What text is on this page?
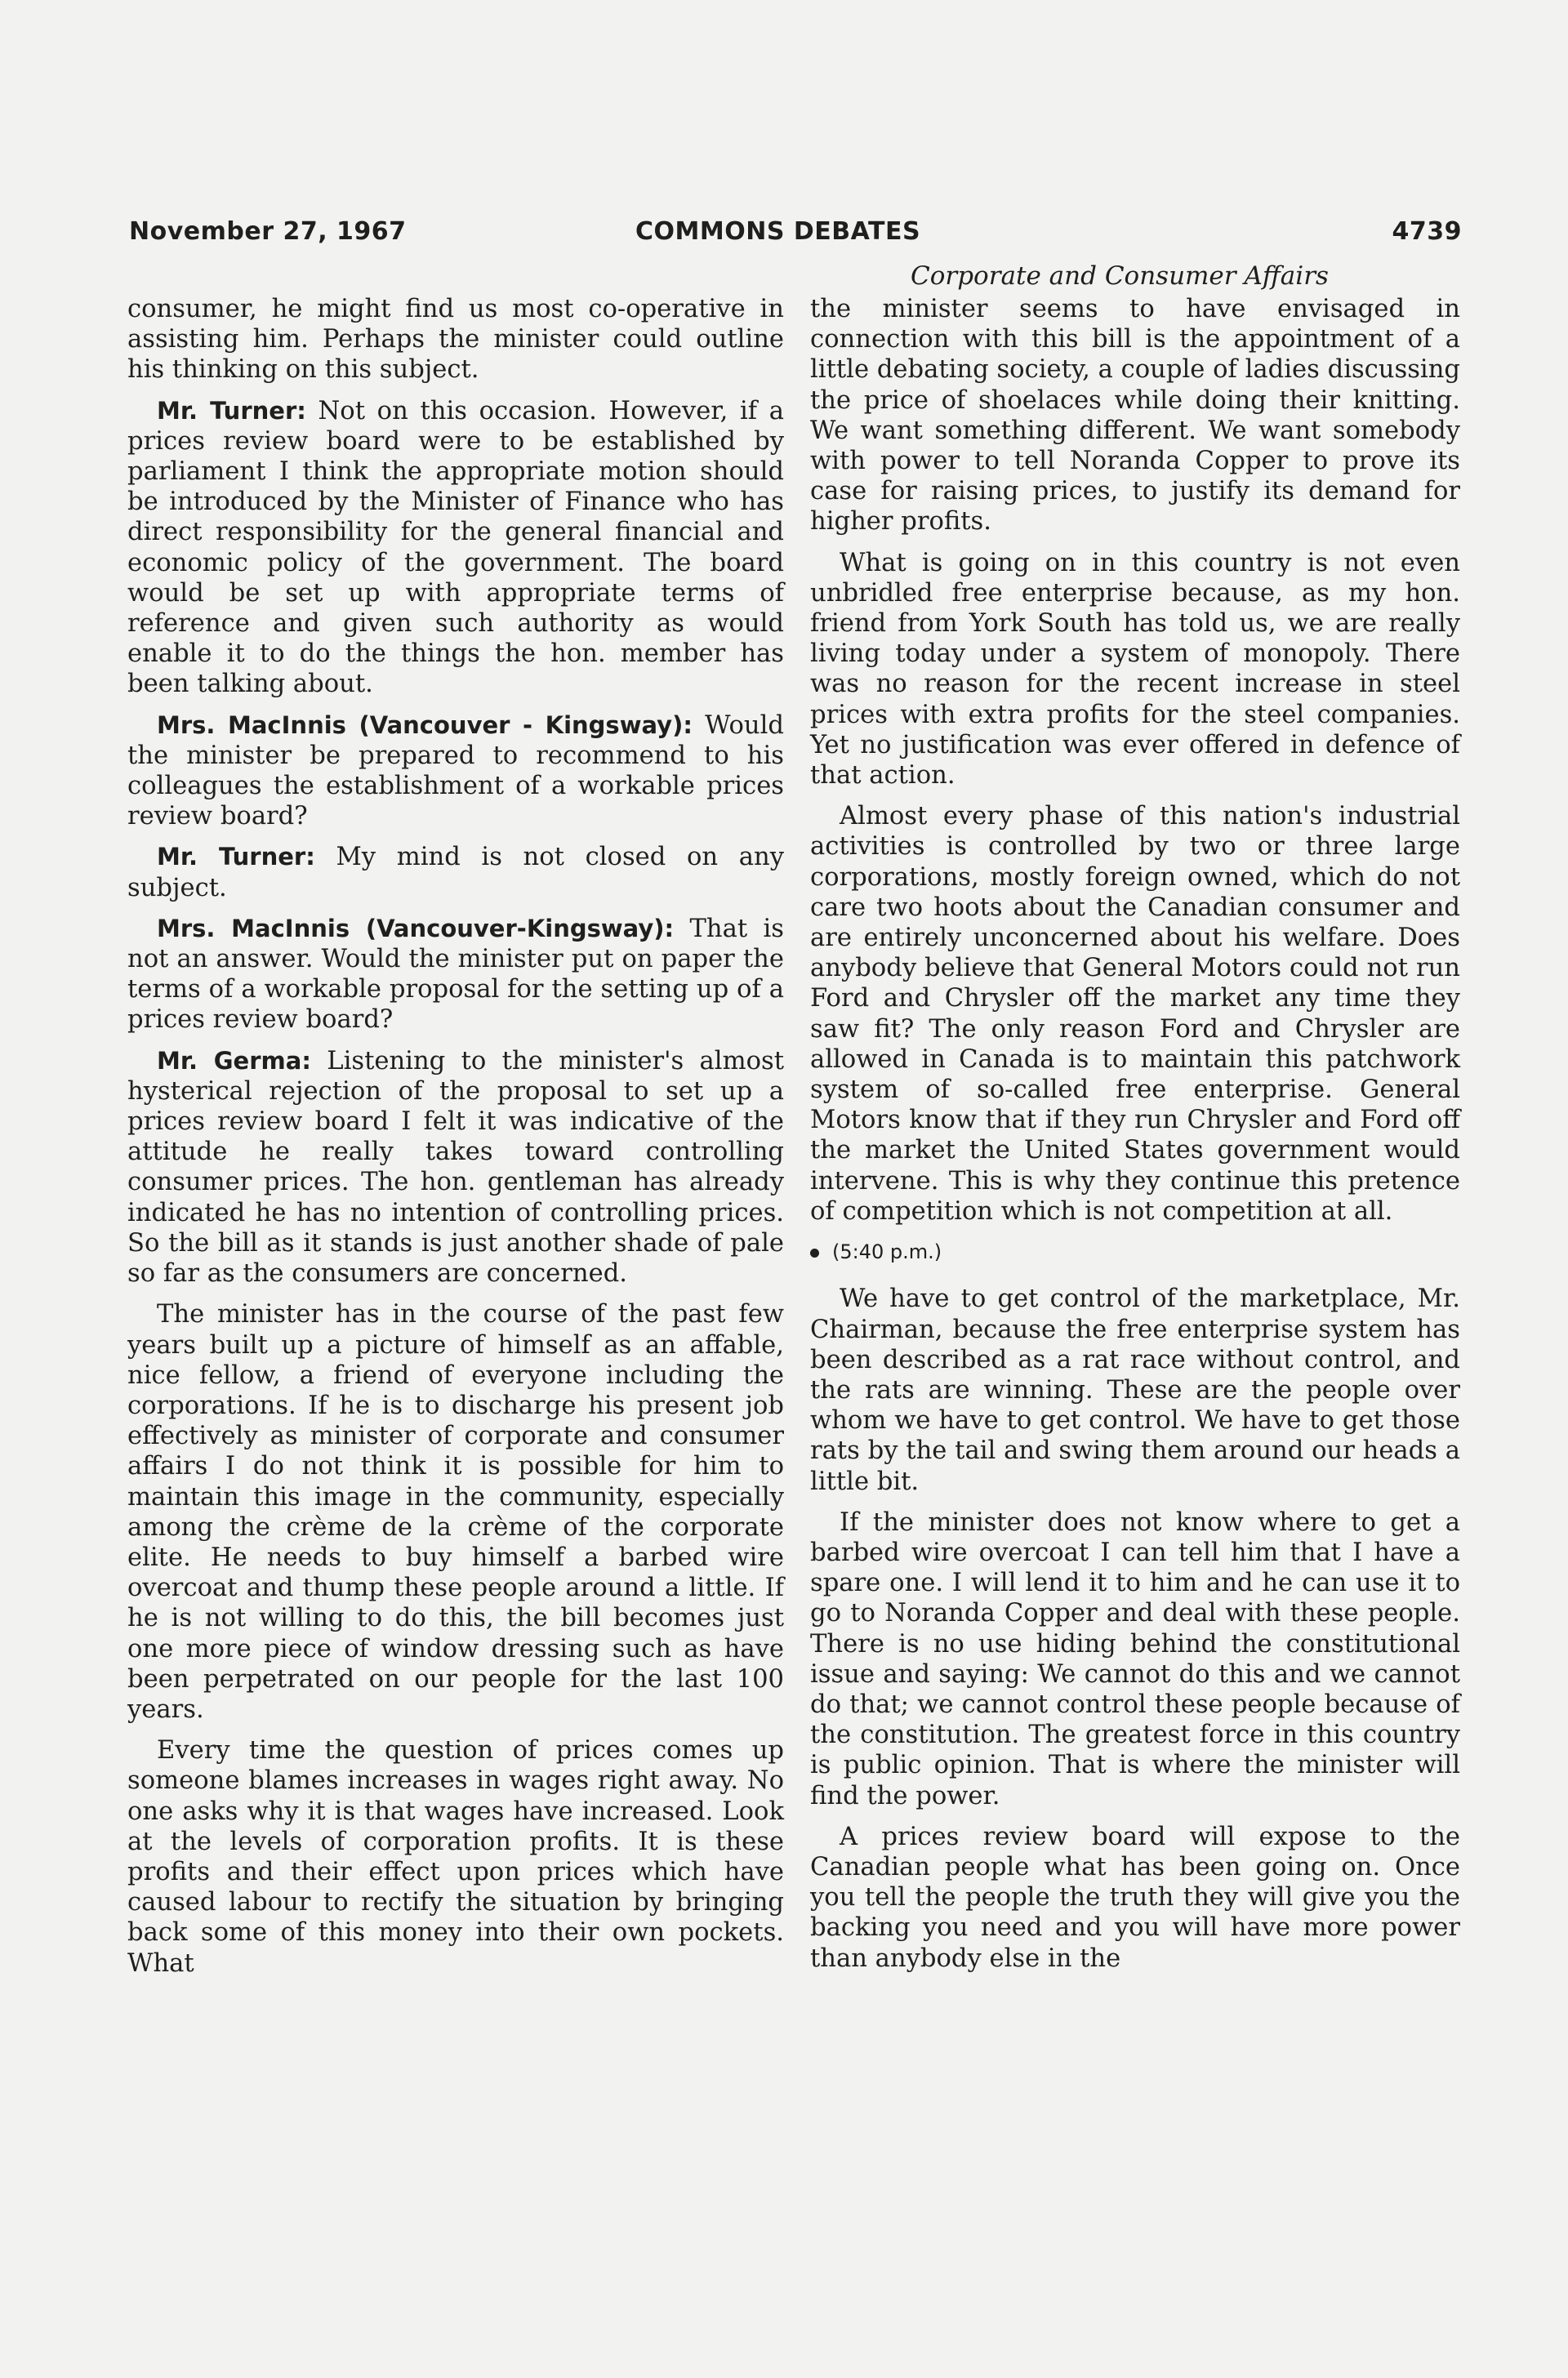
November 27, 1967	COMMONS DEBATES	4739
Corporate and Consumer Affairs

consumer, he might find us most co-operative in assisting him. Perhaps the minister could outline his thinking on this subject.

Mr. Turner: Not on this occasion. However, if a prices review board were to be established by parliament I think the appropriate motion should be introduced by the Minister of Finance who has direct responsibility for the general financial and economic policy of the government. The board would be set up with appropriate terms of reference and given such authority as would enable it to do the things the hon. member has been talking about.

Mrs. MacInnis (Vancouver - Kingsway): Would the minister be prepared to recommend to his colleagues the establishment of a workable prices review board?

Mr. Turner: My mind is not closed on any subject.

Mrs. MacInnis (Vancouver-Kingsway): That is not an answer. Would the minister put on paper the terms of a workable proposal for the setting up of a prices review board?

Mr. Germa: Listening to the minister's almost hysterical rejection of the proposal to set up a prices review board I felt it was indicative of the attitude he really takes toward controlling consumer prices. The hon. gentleman has already indicated he has no intention of controlling prices. So the bill as it stands is just another shade of pale so far as the consumers are concerned.

The minister has in the course of the past few years built up a picture of himself as an affable, nice fellow, a friend of everyone including the corporations. If he is to discharge his present job effectively as minister of corporate and consumer affairs I do not think it is possible for him to maintain this image in the community, especially among the crème de la crème of the corporate elite. He needs to buy himself a barbed wire overcoat and thump these people around a little. If he is not willing to do this, the bill becomes just one more piece of window dressing such as have been perpetrated on our people for the last 100 years.

Every time the question of prices comes up someone blames increases in wages right away. No one asks why it is that wages have increased. Look at the levels of corporation profits. It is these profits and their effect upon prices which have caused labour to rectify the situation by bringing back some of this money into their own pockets. What

the minister seems to have envisaged in connection with this bill is the appointment of a little debating society, a couple of ladies discussing the price of shoelaces while doing their knitting. We want something different. We want somebody with power to tell Noranda Copper to prove its case for raising prices, to justify its demand for higher profits.

What is going on in this country is not even unbridled free enterprise because, as my hon. friend from York South has told us, we are really living today under a system of monopoly. There was no reason for the recent increase in steel prices with extra profits for the steel companies. Yet no justification was ever offered in defence of that action.

Almost every phase of this nation's industrial activities is controlled by two or three large corporations, mostly foreign owned, which do not care two hoots about the Canadian consumer and are entirely unconcerned about his welfare. Does anybody believe that General Motors could not run Ford and Chrysler off the market any time they saw fit? The only reason Ford and Chrysler are allowed in Canada is to maintain this patchwork system of so-called free enterprise. General Motors know that if they run Chrysler and Ford off the market the United States government would intervene. This is why they continue this pretence of competition which is not competition at all.

(5:40 p.m.)

We have to get control of the marketplace, Mr. Chairman, because the free enterprise system has been described as a rat race without control, and the rats are winning. These are the people over whom we have to get control. We have to get those rats by the tail and swing them around our heads a little bit.

If the minister does not know where to get a barbed wire overcoat I can tell him that I have a spare one. I will lend it to him and he can use it to go to Noranda Copper and deal with these people. There is no use hiding behind the constitutional issue and saying: We cannot do this and we cannot do that; we cannot control these people because of the constitution. The greatest force in this country is public opinion. That is where the minister will find the power.

A prices review board will expose to the Canadian people what has been going on. Once you tell the people the truth they will give you the backing you need and you will have more power than anybody else in the
